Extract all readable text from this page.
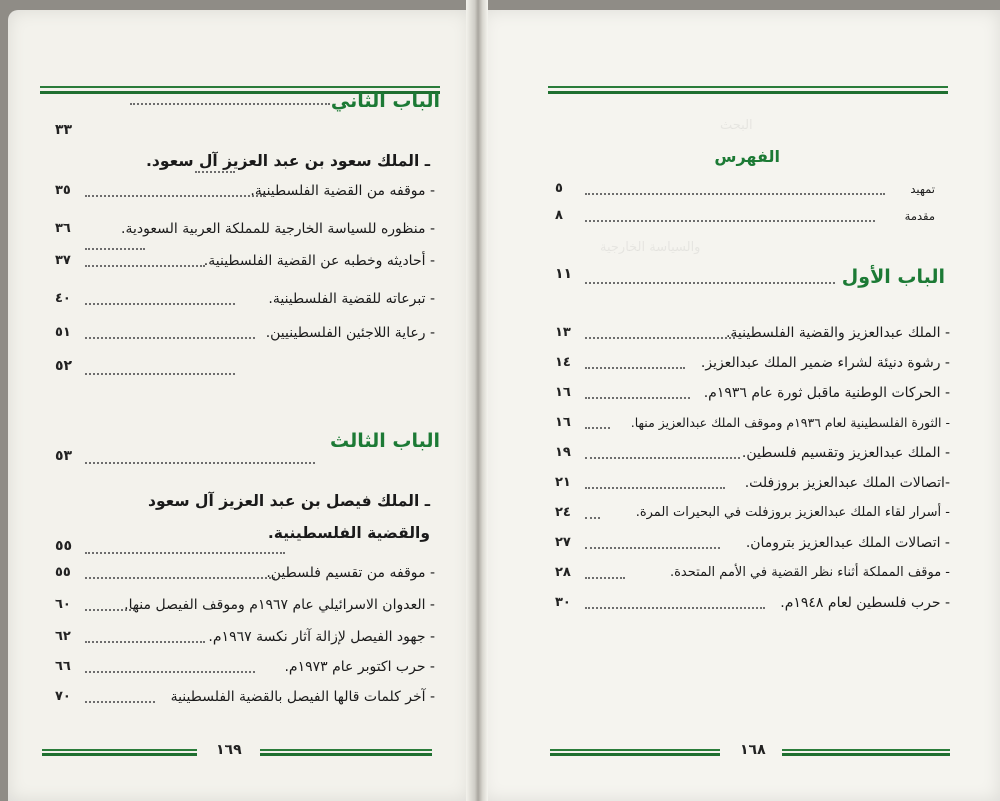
البحث
والسياسة الخارجية
الباب الثاني
٣٣
ـ الملك سعود بن عبد العزيز آل سعود.
- موقفه من القضية الفلسطينية.
٣٥
- منظوره للسياسة الخارجية للمملكة العربية السعودية.
٣٦
- أحاديثه وخطبه عن القضية الفلسطينية.
٣٧
- تبرعاته للقضية الفلسطينية.
٤٠
- رعاية اللاجئين الفلسطينيين.
٥١
٥٢
الباب الثالث
٥٣
ـ الملك فيصل بن عبد العزيز آل سعود
والقضية الفلسطينية.
٥٥
- موقفه من تقسيم فلسطين.
٥٥
- العدوان الاسرائيلي عام ١٩٦٧م وموقف الفيصل منها.
٦٠
- جهود الفيصل لإزالة آثار نكسة ١٩٦٧م.
٦٢
- حرب اكتوبر عام ١٩٧٣م.
٦٦
- آخر كلمات قالها الفيصل بالقضية الفلسطينية
٧٠
١٦٩
الفهرس
تمهيد
٥
مقدمة
٨
الباب الأول
١١
- الملك عبدالعزيز والقضية الفلسطينية.
١٣
- رشوة دنيئة لشراء ضمير الملك عبدالعزيز.
١٤
- الحركات الوطنية ماقبل ثورة عام ١٩٣٦م.
١٦
- الثورة الفلسطينية لعام ١٩٣٦م وموقف الملك عبدالعزيز منها.
١٦
- الملك عبدالعزيز وتقسيم فلسطين.
١٩
-اتصالات الملك عبدالعزيز بروزفلت.
٢١
- أسرار لقاء الملك عبدالعزيز بروزفلت في البحيرات المرة.
٢٤
- اتصالات الملك عبدالعزيز بترومان.
٢٧
- موقف المملكة أثناء نظر القضية في الأمم المتحدة.
٢٨
- حرب فلسطين لعام ١٩٤٨م.
٣٠
١٦٨
